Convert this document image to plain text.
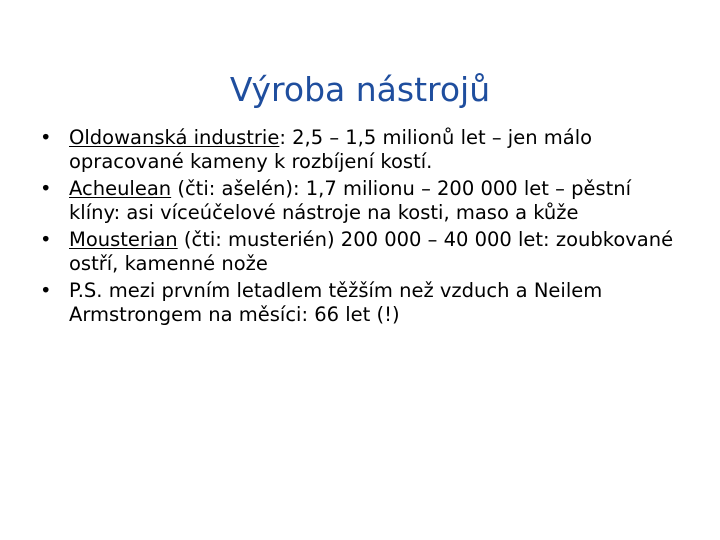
Výroba nástrojů
• Oldowanská industrie: 2,5 – 1,5 milionů let – jen málo opracované kameny k rozbíjení kostí.
• Acheulean (čti: ašelén): 1,7 milionu – 200 000 let – pěstní klíny: asi víceúčelové nástroje na kosti, maso a kůže
• Mousterian (čti: musterién) 200 000 – 40 000 let: zoubkované ostří, kamenné nože
• P.S. mezi prvním letadlem těžším než vzduch a Neilem Armstrongem na měsíci: 66 let (!)
